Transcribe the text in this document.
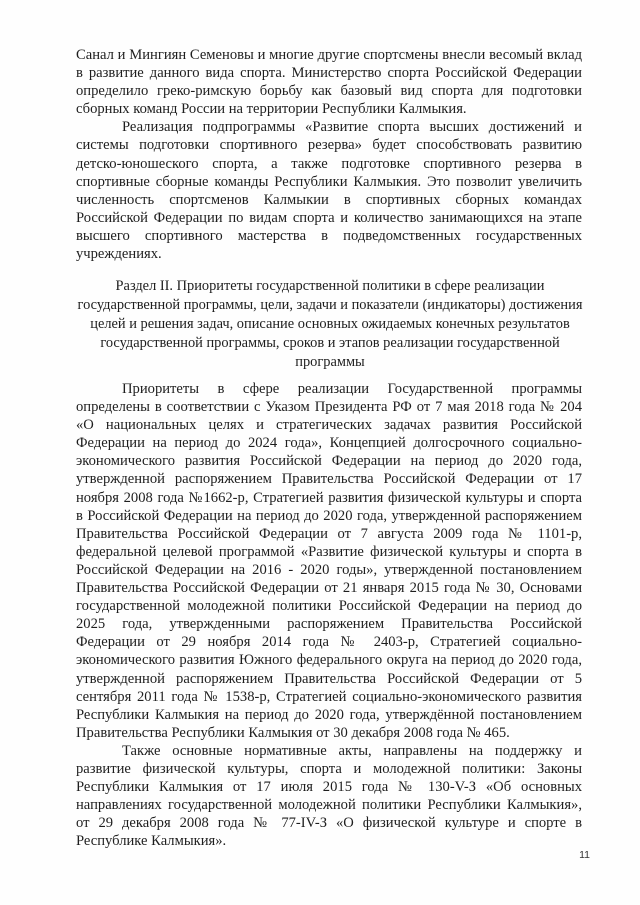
Санал и Мингиян Семеновы и многие другие спортсмены внесли весомый вклад в развитие данного вида спорта. Министерство спорта Российской Федерации определило греко-римскую борьбу как базовый вид спорта для подготовки сборных команд России на территории Республики Калмыкия.

Реализация подпрограммы «Развитие спорта высших достижений и системы подготовки спортивного резерва» будет способствовать развитию детско-юношеского спорта, а также подготовке спортивного резерва в спортивные сборные команды Республики Калмыкия. Это позволит увеличить численность спортсменов Калмыкии в спортивных сборных командах Российской Федерации по видам спорта и количество занимающихся на этапе высшего спортивного мастерства в подведомственных государственных учреждениях.

Раздел II. Приоритеты государственной политики в сфере реализации государственной программы, цели, задачи и показатели (индикаторы) достижения целей и решения задач, описание основных ожидаемых конечных результатов государственной программы, сроков и этапов реализации государственной программы

Приоритеты в сфере реализации Государственной программы определены в соответствии с Указом Президента РФ от 7 мая 2018 года № 204 «О национальных целях и стратегических задачах развития Российской Федерации на период до 2024 года», Концепцией долгосрочного социально-экономического развития Российской Федерации на период до 2020 года, утвержденной распоряжением Правительства Российской Федерации от 17 ноября 2008 года №1662-р, Стратегией развития физической культуры и спорта в Российской Федерации на период до 2020 года, утвержденной распоряжением Правительства Российской Федерации от 7 августа 2009 года № 1101-р, федеральной целевой программой «Развитие физической культуры и спорта в Российской Федерации на 2016 - 2020 годы», утвержденной постановлением Правительства Российской Федерации от 21 января 2015 года № 30, Основами государственной молодежной политики Российской Федерации на период до 2025 года, утвержденными распоряжением Правительства Российской Федерации от 29 ноября 2014 года № 2403-р, Стратегией социально-экономического развития Южного федерального округа на период до 2020 года, утвержденной распоряжением Правительства Российской Федерации от 5 сентября 2011 года № 1538-р, Стратегией социально-экономического развития Республики Калмыкия на период до 2020 года, утверждённой постановлением Правительства Республики Калмыкия от 30 декабря 2008 года № 465.

Также основные нормативные акты, направлены на поддержку и развитие физической культуры, спорта и молодежной политики: Законы Республики Калмыкия от 17 июля 2015 года № 130-V-З «Об основных направлениях государственной молодежной политики Республики Калмыкия», от 29 декабря 2008 года № 77-IV-З «О физической культуре и спорте в Республике Калмыкия».

11
